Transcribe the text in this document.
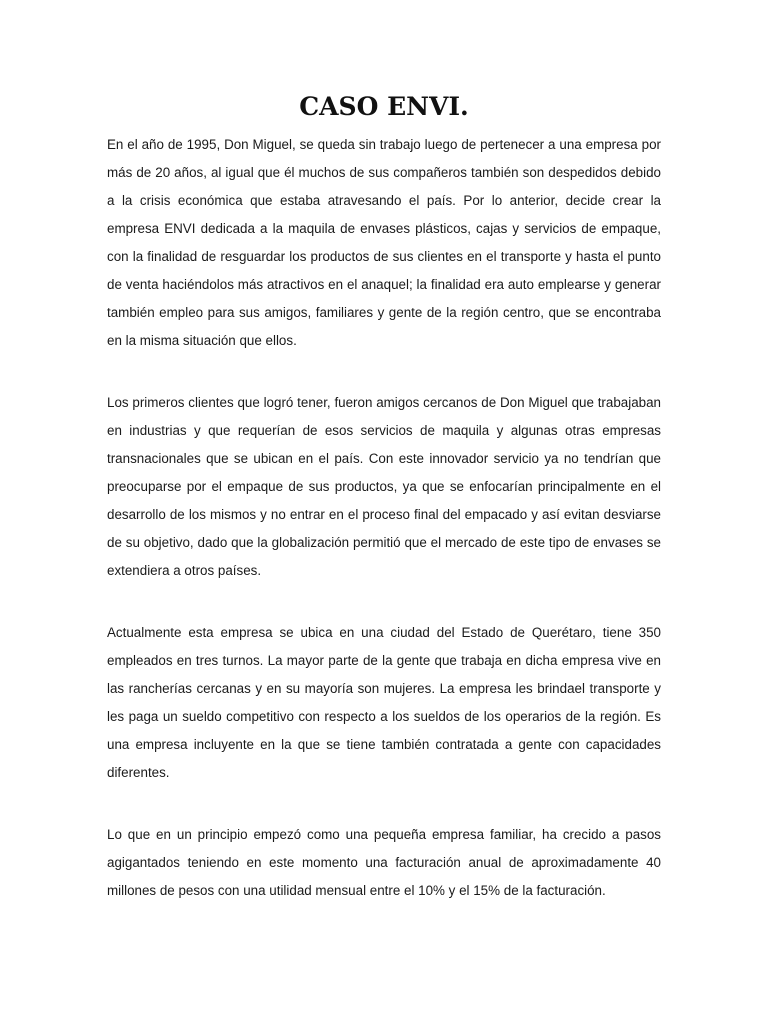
CASO ENVI.

En el año de 1995, Don Miguel, se queda sin trabajo luego de pertenecer a una empresa por más de 20 años, al igual que él muchos de sus compañeros también son despedidos debido a la crisis económica que estaba atravesando el país. Por lo anterior, decide crear la empresa ENVI dedicada a la maquila de envases plásticos, cajas y servicios de empaque, con la finalidad de resguardar los productos de sus clientes en el transporte y hasta el punto de venta haciéndolos más atractivos en el anaquel; la finalidad era auto emplearse y generar también empleo para sus amigos, familiares y gente de la región centro, que se encontraba en la misma situación que ellos.

Los primeros clientes que logró tener, fueron amigos cercanos de Don Miguel que trabajaban en industrias y que requerían de esos servicios de maquila y algunas otras empresas transnacionales que se ubican en el país. Con este innovador servicio ya no tendrían que preocuparse por el empaque de sus productos, ya que se enfocarían principalmente en el desarrollo de los mismos y no entrar en el proceso final del empacado y así evitan desviarse de su objetivo, dado que la globalización permitió que el mercado de este tipo de envases se extendiera a otros países.

Actualmente esta empresa se ubica en una ciudad del Estado de Querétaro, tiene 350 empleados en tres turnos. La mayor parte de la gente que trabaja en dicha empresa vive en las rancherías cercanas y en su mayoría son mujeres. La empresa les brindael transporte y les paga un sueldo competitivo con respecto a los sueldos de los operarios de la región. Es una empresa incluyente en la que se tiene también contratada a gente con capacidades diferentes.

Lo que en un principio empezó como una pequeña empresa familiar, ha crecido a pasos agigantados teniendo en este momento una facturación anual de aproximadamente 40 millones de pesos con una utilidad mensual entre el 10% y el 15% de la facturación.
